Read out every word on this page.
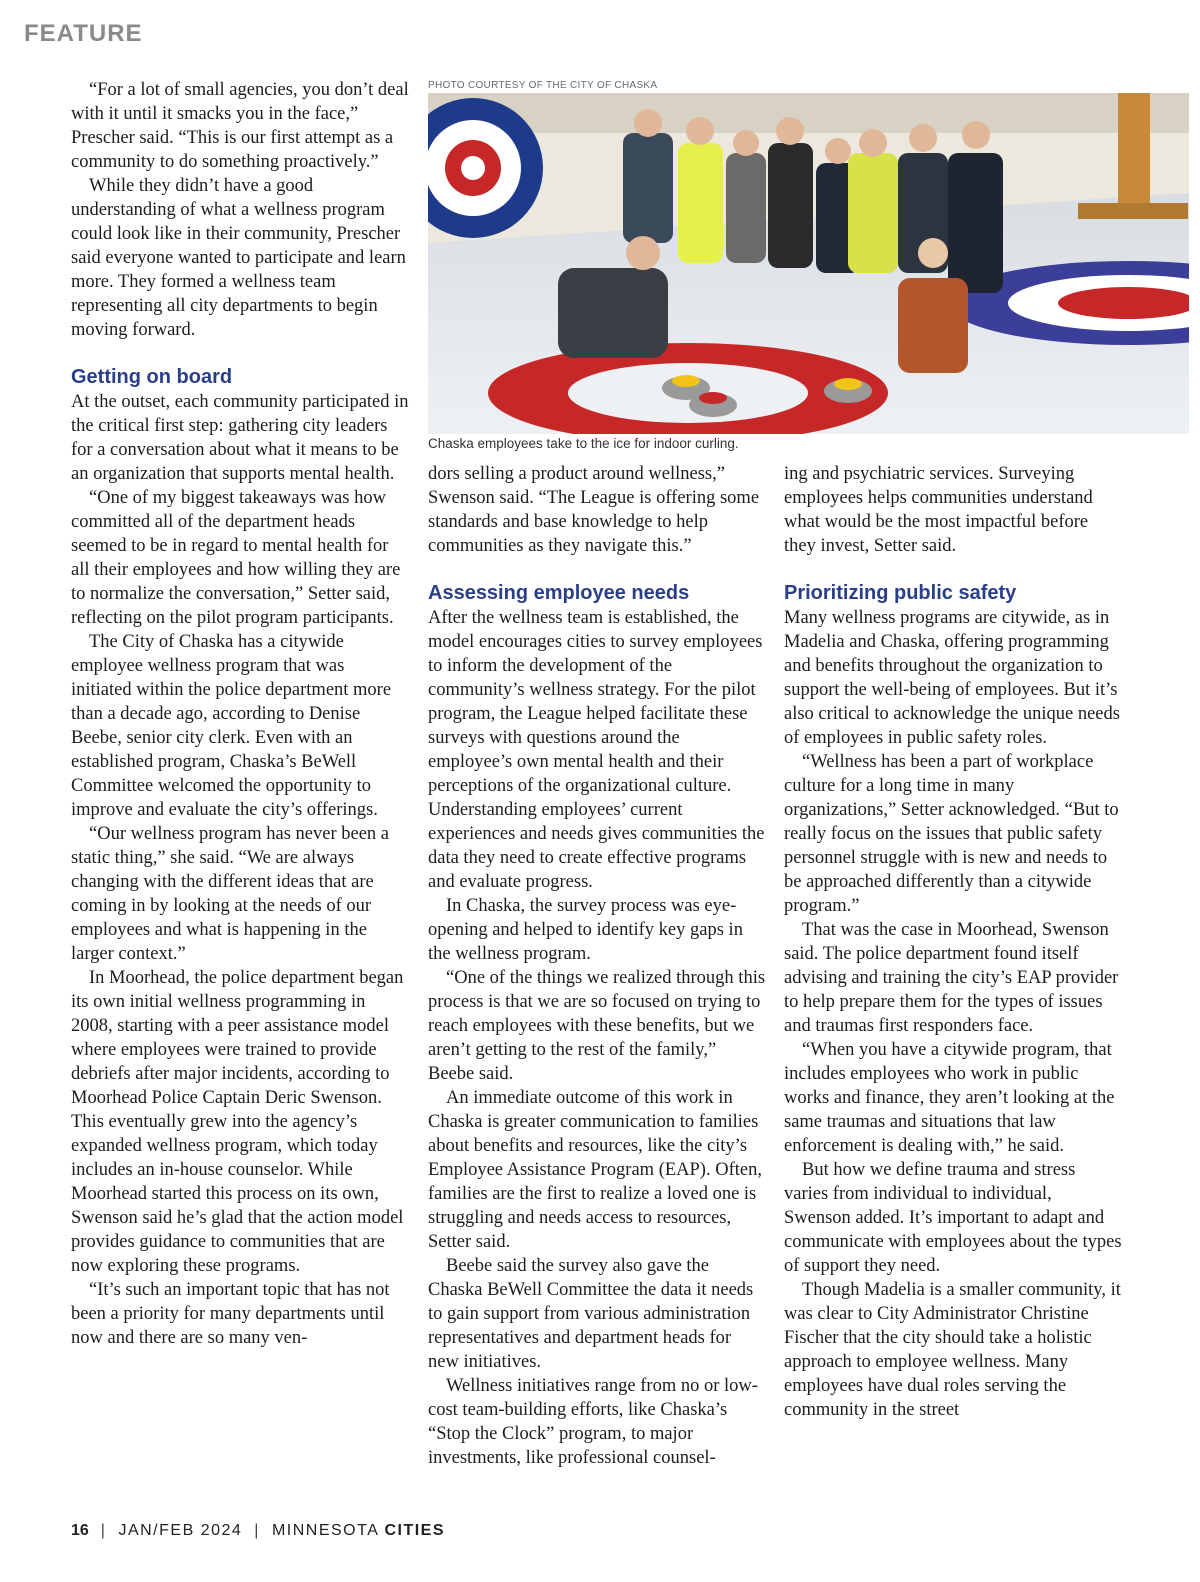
FEATURE

“For a lot of small agencies, you don’t deal with it until it smacks you in the face,” Prescher said. “This is our first attempt as a community to do something proactively.”

While they didn’t have a good understanding of what a wellness program could look like in their community, Prescher said everyone wanted to participate and learn more. They formed a wellness team representing all city departments to begin moving forward.

Getting on board

At the outset, each community participated in the critical first step: gathering city leaders for a conversation about what it means to be an organization that supports mental health.

“One of my biggest takeaways was how committed all of the department heads seemed to be in regard to mental health for all their employees and how willing they are to normalize the conversation,” Setter said, reflecting on the pilot program participants.

The City of Chaska has a citywide employee wellness program that was initiated within the police department more than a decade ago, according to Denise Beebe, senior city clerk. Even with an established program, Chaska’s BeWell Committee welcomed the opportunity to improve and evaluate the city’s offerings.

“Our wellness program has never been a static thing,” she said. “We are always changing with the different ideas that are coming in by looking at the needs of our employees and what is happening in the larger context.”

In Moorhead, the police department began its own initial wellness programming in 2008, starting with a peer assistance model where employees were trained to provide debriefs after major incidents, according to Moorhead Police Captain Deric Swenson. This eventually grew into the agency’s expanded wellness program, which today includes an in-house counselor. While Moorhead started this process on its own, Swenson said he’s glad that the action model provides guidance to communities that are now exploring these programs.

“It’s such an important topic that has not been a priority for many departments until now and there are so many ven-

PHOTO COURTESY OF THE CITY OF CHASKA
Chaska employees take to the ice for indoor curling.

dors selling a product around wellness,” Swenson said. “The League is offering some standards and base knowledge to help communities as they navigate this.”

Assessing employee needs

After the wellness team is established, the model encourages cities to survey employees to inform the development of the community’s wellness strategy. For the pilot program, the League helped facilitate these surveys with questions around the employee’s own mental health and their perceptions of the organizational culture. Understanding employees’ current experiences and needs gives communities the data they need to create effective programs and evaluate progress.

In Chaska, the survey process was eye-opening and helped to identify key gaps in the wellness program.

“One of the things we realized through this process is that we are so focused on trying to reach employees with these benefits, but we aren’t getting to the rest of the family,” Beebe said.

An immediate outcome of this work in Chaska is greater communication to families about benefits and resources, like the city’s Employee Assistance Program (EAP). Often, families are the first to realize a loved one is struggling and needs access to resources, Setter said.

Beebe said the survey also gave the Chaska BeWell Committee the data it needs to gain support from various administration representatives and department heads for new initiatives.

Wellness initiatives range from no or low-cost team-building efforts, like Chaska’s “Stop the Clock” program, to major investments, like professional counsel-

ing and psychiatric services. Surveying employees helps communities understand what would be the most impactful before they invest, Setter said.

Prioritizing public safety

Many wellness programs are citywide, as in Madelia and Chaska, offering programming and benefits throughout the organization to support the well-being of employees. But it’s also critical to acknowledge the unique needs of employees in public safety roles.

“Wellness has been a part of workplace culture for a long time in many organizations,” Setter acknowledged. “But to really focus on the issues that public safety personnel struggle with is new and needs to be approached differently than a citywide program.”

That was the case in Moorhead, Swenson said. The police department found itself advising and training the city’s EAP provider to help prepare them for the types of issues and traumas first responders face.

“When you have a citywide program, that includes employees who work in public works and finance, they aren’t looking at the same traumas and situations that law enforcement is dealing with,” he said.

But how we define trauma and stress varies from individual to individual, Swenson added. It’s important to adapt and communicate with employees about the types of support they need.

Though Madelia is a smaller community, it was clear to City Administrator Christine Fischer that the city should take a holistic approach to employee wellness. Many employees have dual roles serving the community in the street

16 | JAN/FEB 2024 | MINNESOTA CITIES
